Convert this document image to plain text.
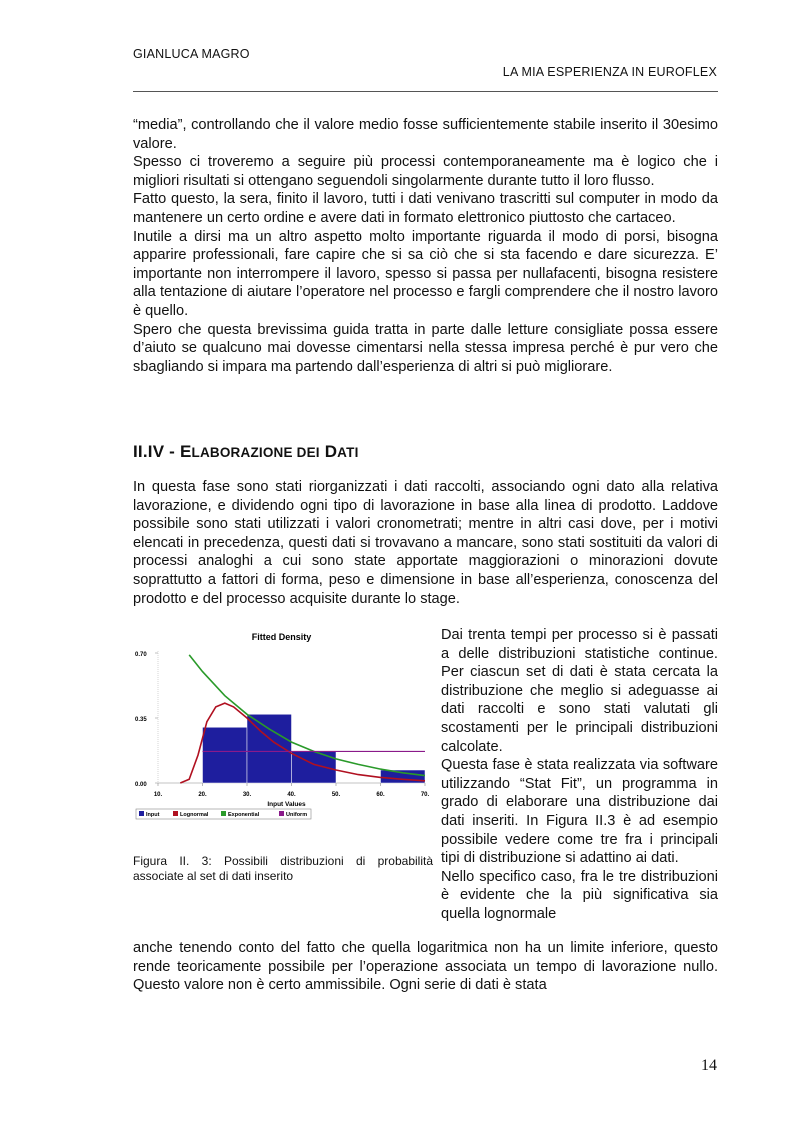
GIANLUCA MAGRO
LA MIA ESPERIENZA IN EUROFLEX

“media”, controllando che il valore medio fosse sufficientemente stabile inserito il 30esimo valore.

Spesso ci troveremo a seguire più processi contemporaneamente ma è logico che i migliori risultati si ottengano seguendoli singolarmente durante tutto il loro flusso.

Fatto questo, la sera, finito il lavoro, tutti i dati venivano trascritti sul computer in modo da mantenere un certo ordine e avere dati in formato elettronico piuttosto che cartaceo.

Inutile a dirsi ma un altro aspetto molto importante riguarda il modo di porsi, bisogna apparire professionali, fare capire che si sa ciò che si sta facendo e dare sicurezza. E’ importante non interrompere il lavoro, spesso si passa per nullafacenti, bisogna resistere alla tentazione di aiutare l’operatore nel processo e fargli comprendere che il nostro lavoro è quello.

Spero che questa brevissima guida tratta in parte dalle letture consigliate possa essere d’aiuto se qualcuno mai dovesse cimentarsi nella stessa impresa perché è pur vero che sbagliando si impara ma partendo dall’esperienza di altri si può migliorare.

II.IV - ELABORAZIONE DEI DATI

In questa fase sono stati riorganizzati i dati raccolti, associando ogni dato alla relativa lavorazione, e dividendo ogni tipo di lavorazione in base alla linea di prodotto. Laddove possibile sono stati utilizzati i valori cronometrati; mentre in altri casi dove, per i motivi elencati in precedenza, questi dati si trovavano a mancare, sono stati sostituiti da valori di processi analoghi a cui sono state apportate maggiorazioni o minorazioni dovute soprattutto a fattori di forma, peso e dimensione in base all’esperienza, conoscenza del prodotto e del processo acquisite durante lo stage.

Fitted Density
0.70
0.35
0.00
10.	20.	30.	40.	50.	60.	70.
Input Values
Input	Lognormal	Exponential	Uniform
Figura II. 3: Possibili distribuzioni di probabilità associate al set di dati inserito

Dai trenta tempi per processo si è passati a delle distribuzioni statistiche continue. Per ciascun set di dati è stata cercata la distribuzione che meglio si adeguasse ai dati raccolti e sono stati valutati gli scostamenti per le principali distribuzioni calcolate.

Questa fase è stata realizzata via software utilizzando “Stat Fit”, un programma in grado di elaborare una distribuzione dai dati inseriti. In Figura II.3 è ad esempio possibile vedere come tre fra i principali tipi di distribuzione si adattino ai dati.

Nello specifico caso, fra le tre distribuzioni è evidente che la più significativa sia quella lognormale

anche tenendo conto del fatto che quella logaritmica non ha un limite inferiore, questo rende teoricamente possibile per l’operazione associata un tempo di lavorazione nullo. Questo valore non è certo ammissibile. Ogni serie di dati è stata

14
